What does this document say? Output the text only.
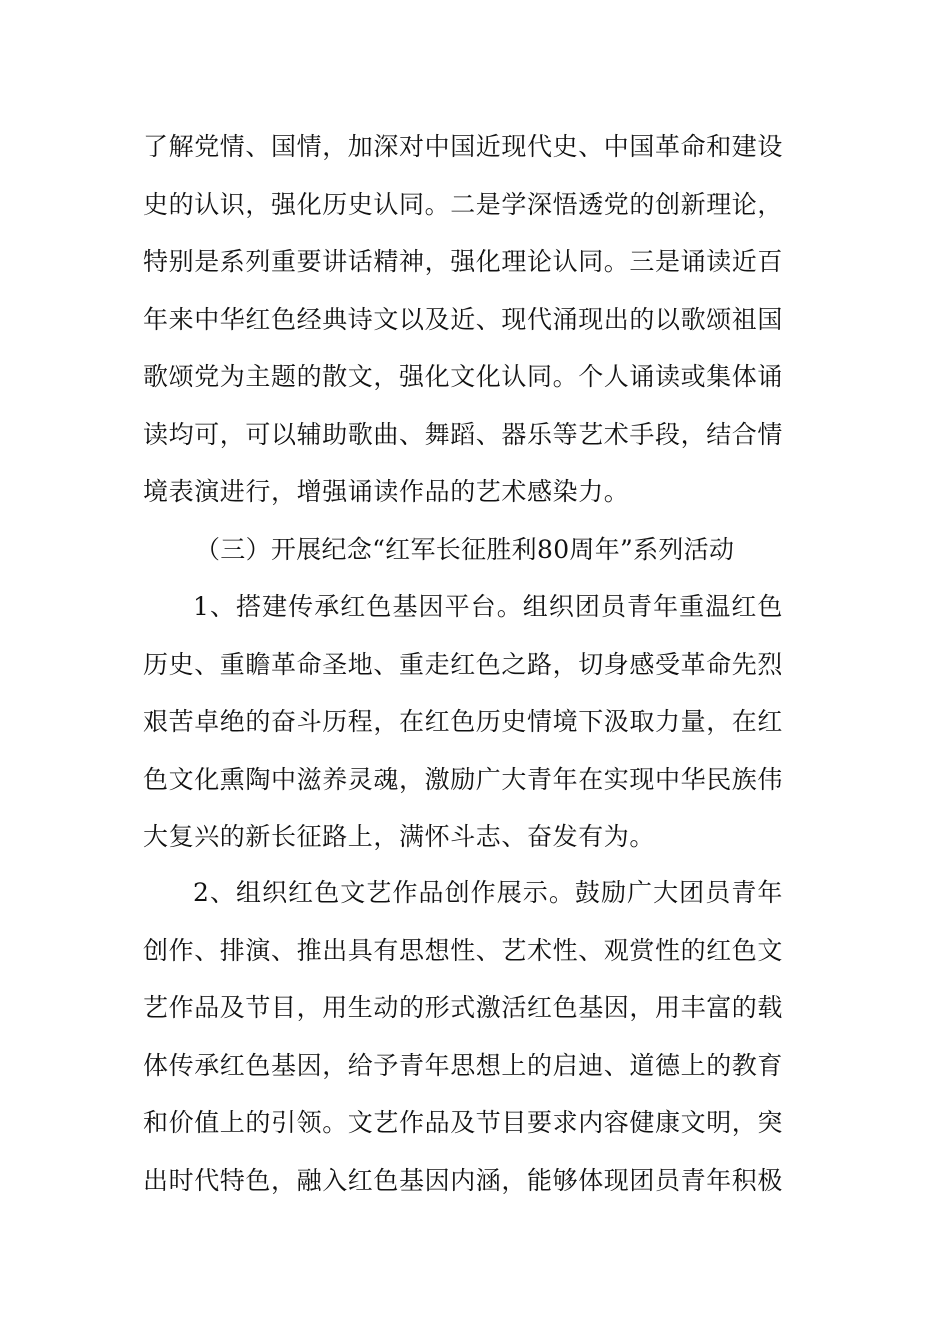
了解党情、国情，加深对中国近现代史、中国革命和建设
史的认识，强化历史认同。二是学深悟透党的创新理论，
特别是系列重要讲话精神，强化理论认同。三是诵读近百
年来中华红色经典诗文以及近、现代涌现出的以歌颂祖国
歌颂党为主题的散文，强化文化认同。个人诵读或集体诵
读均可，可以辅助歌曲、舞蹈、器乐等艺术手段，结合情
境表演进行，增强诵读作品的艺术感染力。
（三）开展纪念“红军长征胜利80周年”系列活动
1、搭建传承红色基因平台。组织团员青年重温红色
历史、重瞻革命圣地、重走红色之路，切身感受革命先烈
艰苦卓绝的奋斗历程，在红色历史情境下汲取力量，在红
色文化熏陶中滋养灵魂，激励广大青年在实现中华民族伟
大复兴的新长征路上，满怀斗志、奋发有为。
2、组织红色文艺作品创作展示。鼓励广大团员青年
创作、排演、推出具有思想性、艺术性、观赏性的红色文
艺作品及节目，用生动的形式激活红色基因，用丰富的载
体传承红色基因，给予青年思想上的启迪、道德上的教育
和价值上的引领。文艺作品及节目要求内容健康文明，突
出时代特色，融入红色基因内涵，能够体现团员青年积极
